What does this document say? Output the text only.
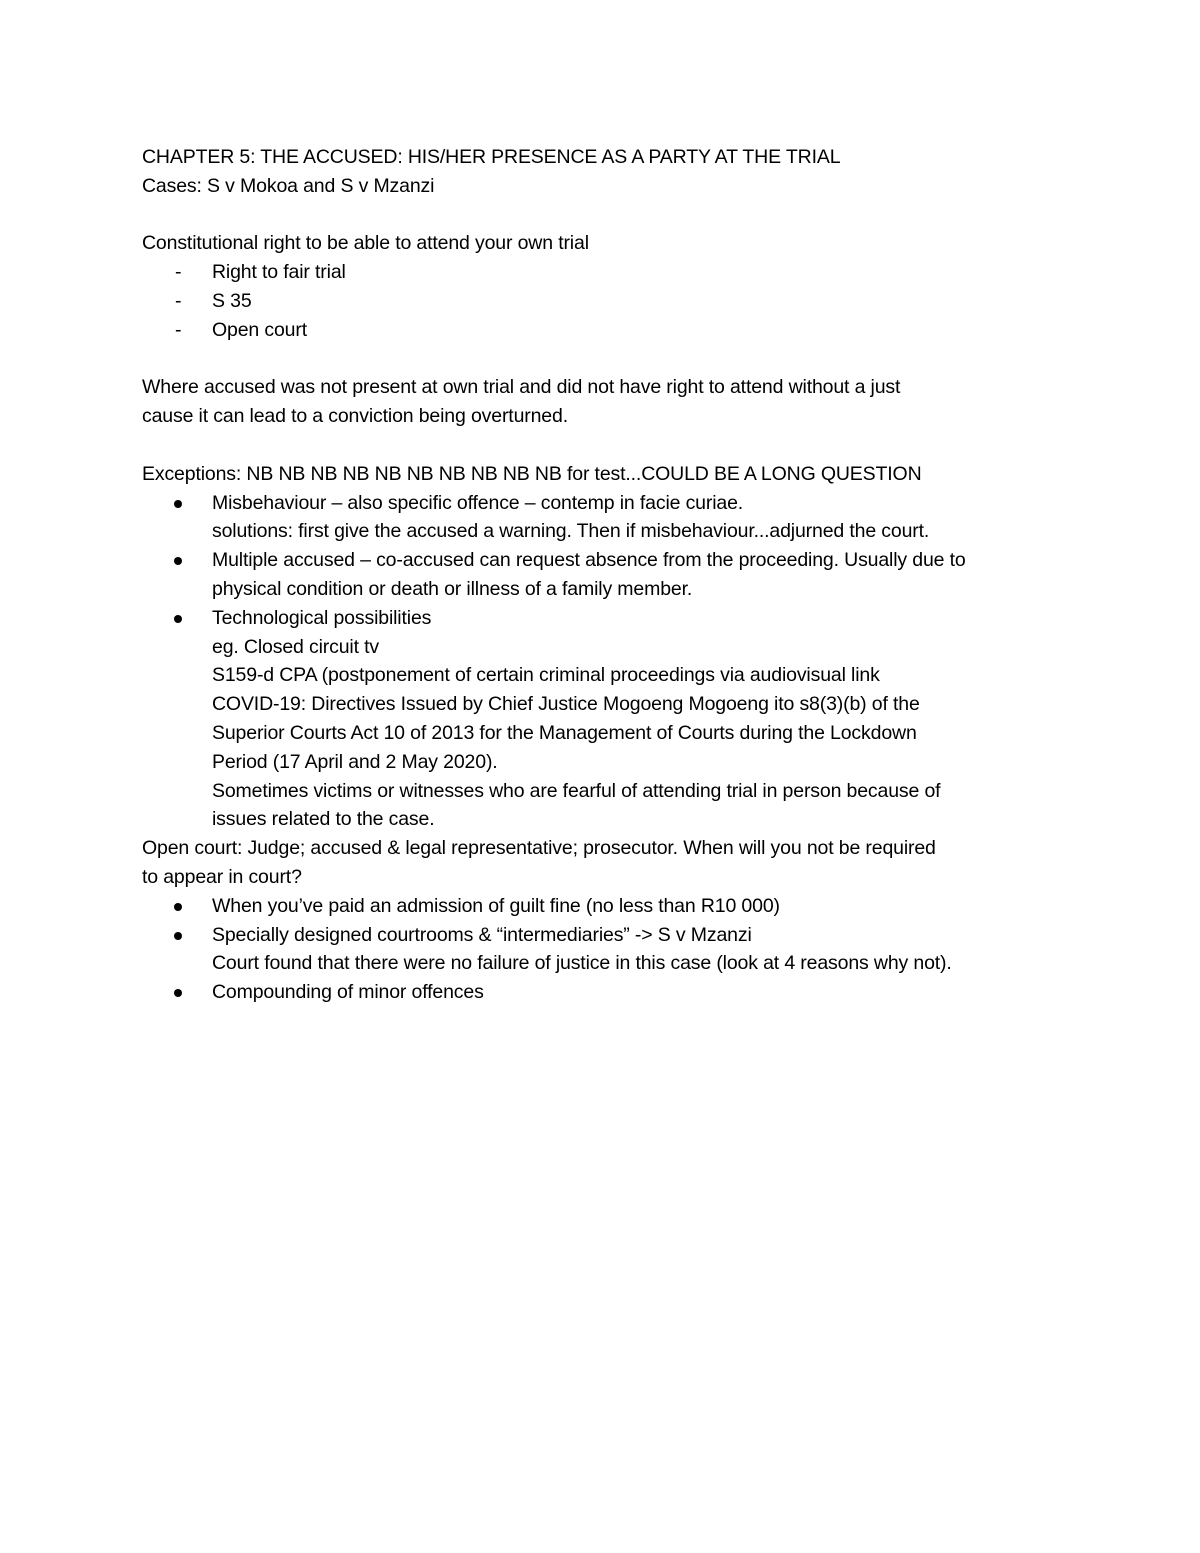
CHAPTER 5: THE ACCUSED: HIS/HER PRESENCE AS A PARTY AT THE TRIAL
Cases: S v Mokoa and S v Mzanzi
Constitutional right to be able to attend your own trial
- Right to fair trial
- S 35
- Open court
Where accused was not present at own trial and did not have right to attend without a just
cause it can lead to a conviction being overturned.
Exceptions: NB NB NB NB NB NB NB NB NB NB for test...COULD BE A LONG QUESTION
Misbehaviour – also specific offence – contemp in facie curiae.
solutions: first give the accused a warning. Then if misbehaviour...adjurned the court.
Multiple accused – co-accused can request absence from the proceeding. Usually due to
physical condition or death or illness of a family member.
Technological possibilities
eg. Closed circuit tv
S159-d CPA (postponement of certain criminal proceedings via audiovisual link
COVID-19: Directives Issued by Chief Justice Mogoeng Mogoeng ito s8(3)(b) of the
Superior Courts Act 10 of 2013 for the Management of Courts during the Lockdown
Period (17 April and 2 May 2020).
Sometimes victims or witnesses who are fearful of attending trial in person because of
issues related to the case.
Open court: Judge; accused & legal representative; prosecutor. When will you not be required
to appear in court?
When you’ve paid an admission of guilt fine (no less than R10 000)
Specially designed courtrooms & “intermediaries” -> S v Mzanzi
Court found that there were no failure of justice in this case (look at 4 reasons why not).
Compounding of minor offences
